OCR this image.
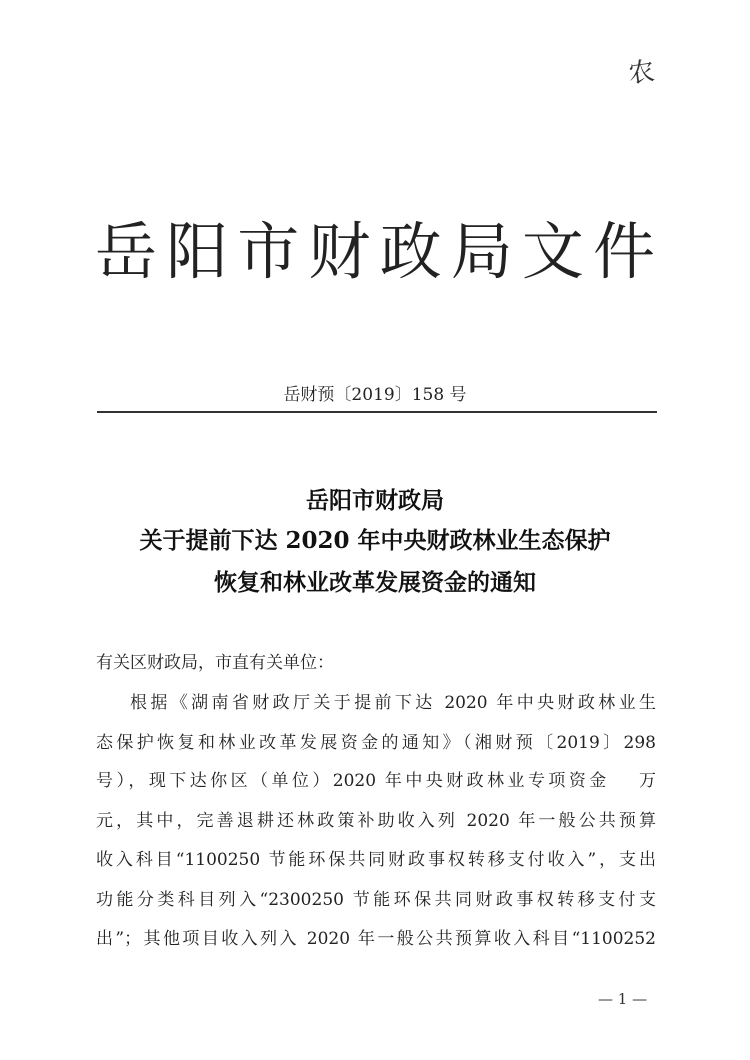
农
岳阳市财政局文件
岳财预〔2019〕158 号
岳阳市财政局
关于提前下达 2020 年中央财政林业生态保护
恢复和林业改革发展资金的通知
有关区财政局，市直有关单位：
根据《湖南省财政厅关于提前下达 2020 年中央财政林业生
态保护恢复和林业改革发展资金的通知》（湘财预〔2019〕298
号），现下达你区（单位）2020 年中央财政林业专项资金　 万
元，其中，完善退耕还林政策补助收入列 2020 年一般公共预算
收入科目“1100250 节能环保共同财政事权转移支付收入”，支出
功能分类科目列入“2300250 节能环保共同财政事权转移支付支
出”；其他项目收入列入 2020 年一般公共预算收入科目“1100252
— 1 —
